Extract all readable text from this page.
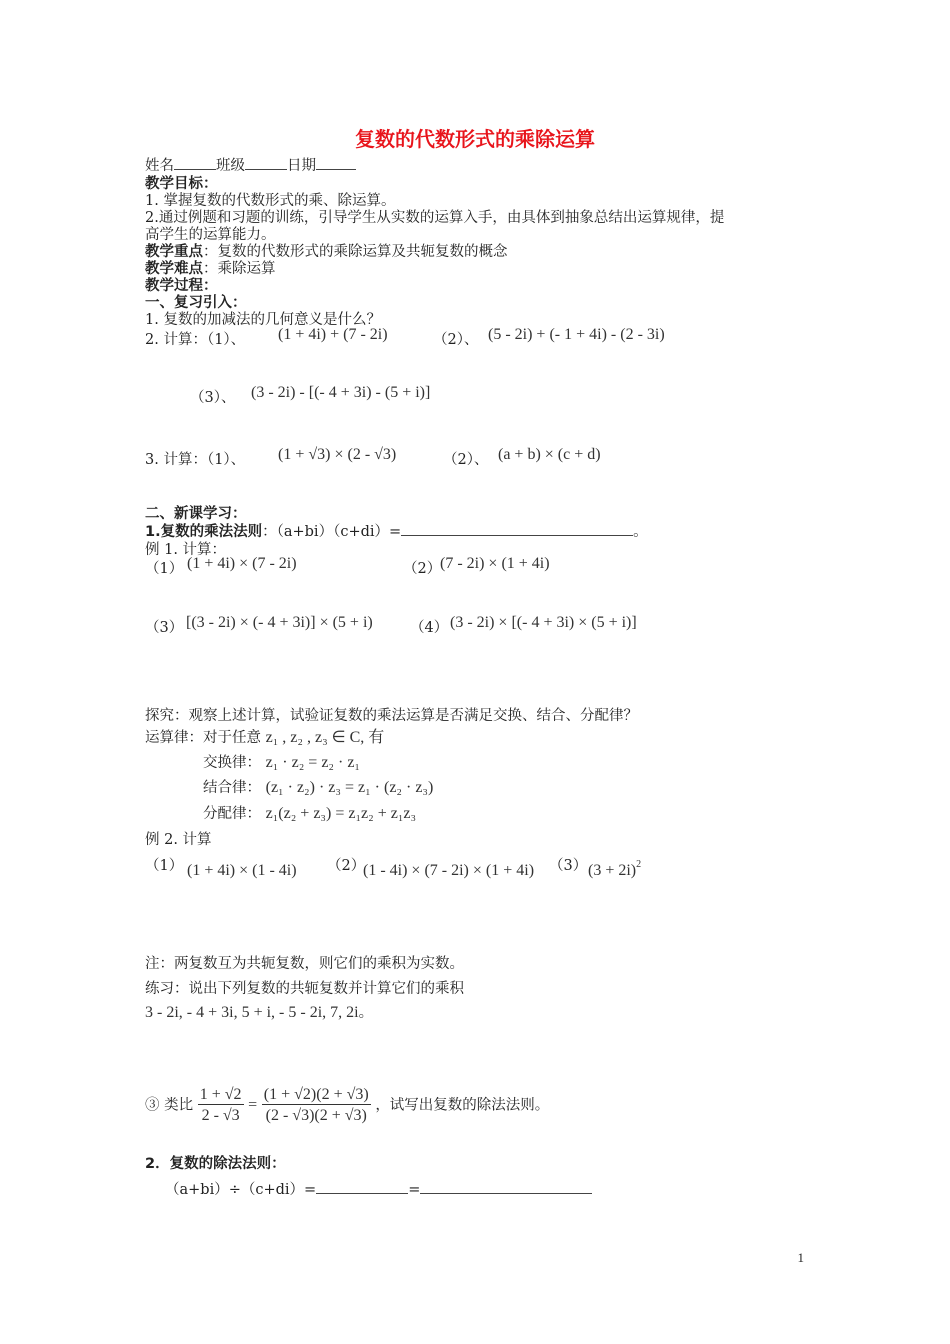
复数的代数形式的乘除运算
姓名	班级	日期
教学目标：
1. 掌握复数的代数形式的乘、除运算。
2.通过例题和习题的训练，引导学生从实数的运算入手，由具体到抽象总结出运算规律，提
高学生的运算能力。
教学重点：复数的代数形式的乘除运算及共轭复数的概念
教学难点：乘除运算
教学过程：
一、复习引入：
1. 复数的加减法的几何意义是什么？
2. 计算：（1）、 (1 + 4i) + (7 - 2i)	（2）、 (5 - 2i) + (- 1 + 4i) - (2 - 3i)
（3）、 (3 - 2i) - [(- 4 + 3i) - (5 + i)]
3. 计算：（1）、 (1 + √3) × (2 - √3)	（2）、 (a + b) × (c + d)
二、新课学习：
1.复数的乘法法则：（a+bi）（c+di）=	。
例 1. 计算：
（1） (1 + 4i) × (7 - 2i)	（2）
(7 - 2i) × (1 + 4i)
（3） [(3 - 2i) × (- 4 + 3i)] × (5 + i)	（4） (3 - 2i) × [(- 4 + 3i) × (5 + i)]
探究：观察上述计算，试验证复数的乘法运算是否满足交换、结合、分配律？
运算律：对于任意 z₁ , z₂ , z₃ ∈ C, 有
交换律： z₁ · z₂ = z₂ · z₁
结合律： (z₁ · z₂) · z₃ = z₁ · (z₂ · z₃)
分配律： z₁(z₂ + z₃) = z₁z₂ + z₁z₃
例 2. 计算
（1） (1 + 4i) × (1 - 4i) （2）
(1 - 4i) × (7 - 2i) × (1 + 4i) （3） $(3 + 2i)^2$
注：两复数互为共轭复数，则它们的乘积为实数。
练习：说出下列复数的共轭复数并计算它们的乘积
3 - 2i, - 4 + 3i, 5 + i, - 5 - 2i, 7, 2i。
③ 类比 $\frac{1 + √2}{2 - √3} = \frac{(1 + √2)(2 + √3)}{(2 - √3)(2 + √3)}$ ，试写出复数的除法法则。
2．复数的除法法则：
（a+bi）÷（c+di）=	=
1
